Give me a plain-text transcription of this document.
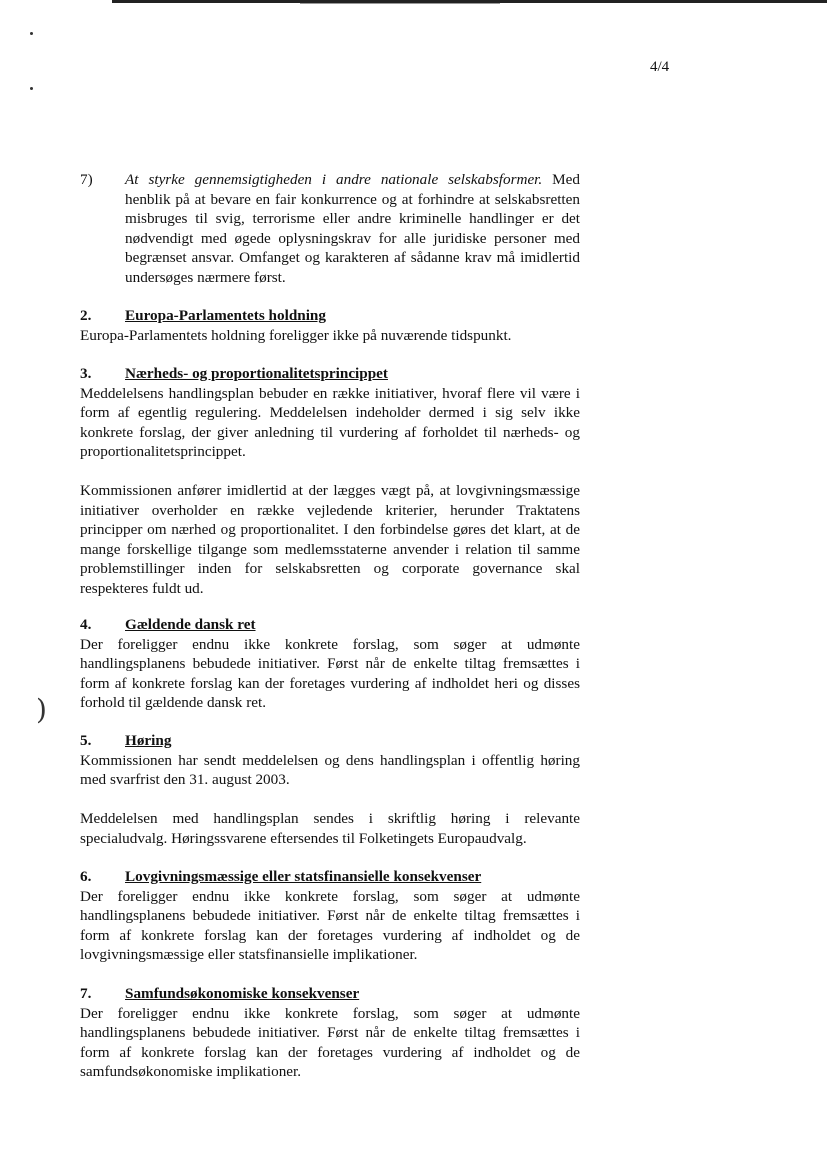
)
4/4
7) At styrke gennemsigtigheden i andre nationale selskabsformer. Med henblik på at bevare en fair konkurrence og at forhindre at selskabsretten misbruges til svig, terrorisme eller andre kriminelle handlinger er det nødvendigt med øgede oplysningskrav for alle juridiske personer med begrænset ansvar. Omfanget og karakteren af sådanne krav må imidlertid undersøges nærmere først.

2. Europa-Parlamentets holdning

Europa-Parlamentets holdning foreligger ikke på nuværende tidspunkt.

3. Nærheds- og proportionalitetsprincippet

Meddelelsens handlingsplan bebuder en række initiativer, hvoraf flere vil være i form af egentlig regulering. Meddelelsen indeholder dermed i sig selv ikke konkrete forslag, der giver anledning til vurdering af forholdet til nærheds- og proportionalitetsprincippet.

Kommissionen anfører imidlertid at der lægges vægt på, at lovgivningsmæssige initiativer overholder en række vejledende kriterier, herunder Traktatens principper om nærhed og proportionalitet. I den forbindelse gøres det klart, at de mange forskellige tilgange som medlemsstaterne anvender i relation til samme problemstillinger inden for selskabsretten og corporate governance skal respekteres fuldt ud.

4. Gældende dansk ret

Der foreligger endnu ikke konkrete forslag, som søger at udmønte handlingsplanens bebudede initiativer. Først når de enkelte tiltag fremsættes i form af konkrete forslag kan der foretages vurdering af indholdet heri og disses forhold til gældende dansk ret.

5. Høring

Kommissionen har sendt meddelelsen og dens handlingsplan i offentlig høring med svarfrist den 31. august 2003.

Meddelelsen med handlingsplan sendes i skriftlig høring i relevante specialudvalg. Høringssvarene eftersendes til Folketingets Europaudvalg.

6. Lovgivningsmæssige eller statsfinansielle konsekvenser

Der foreligger endnu ikke konkrete forslag, som søger at udmønte handlingsplanens bebudede initiativer. Først når de enkelte tiltag fremsættes i form af konkrete forslag kan der foretages vurdering af indholdet og de lovgivningsmæssige eller statsfinansielle implikationer.

7. Samfundsøkonomiske konsekvenser

Der foreligger endnu ikke konkrete forslag, som søger at udmønte handlingsplanens bebudede initiativer. Først når de enkelte tiltag fremsættes i form af konkrete forslag kan der foretages vurdering af indholdet og de samfundsøkonomiske implikationer.
